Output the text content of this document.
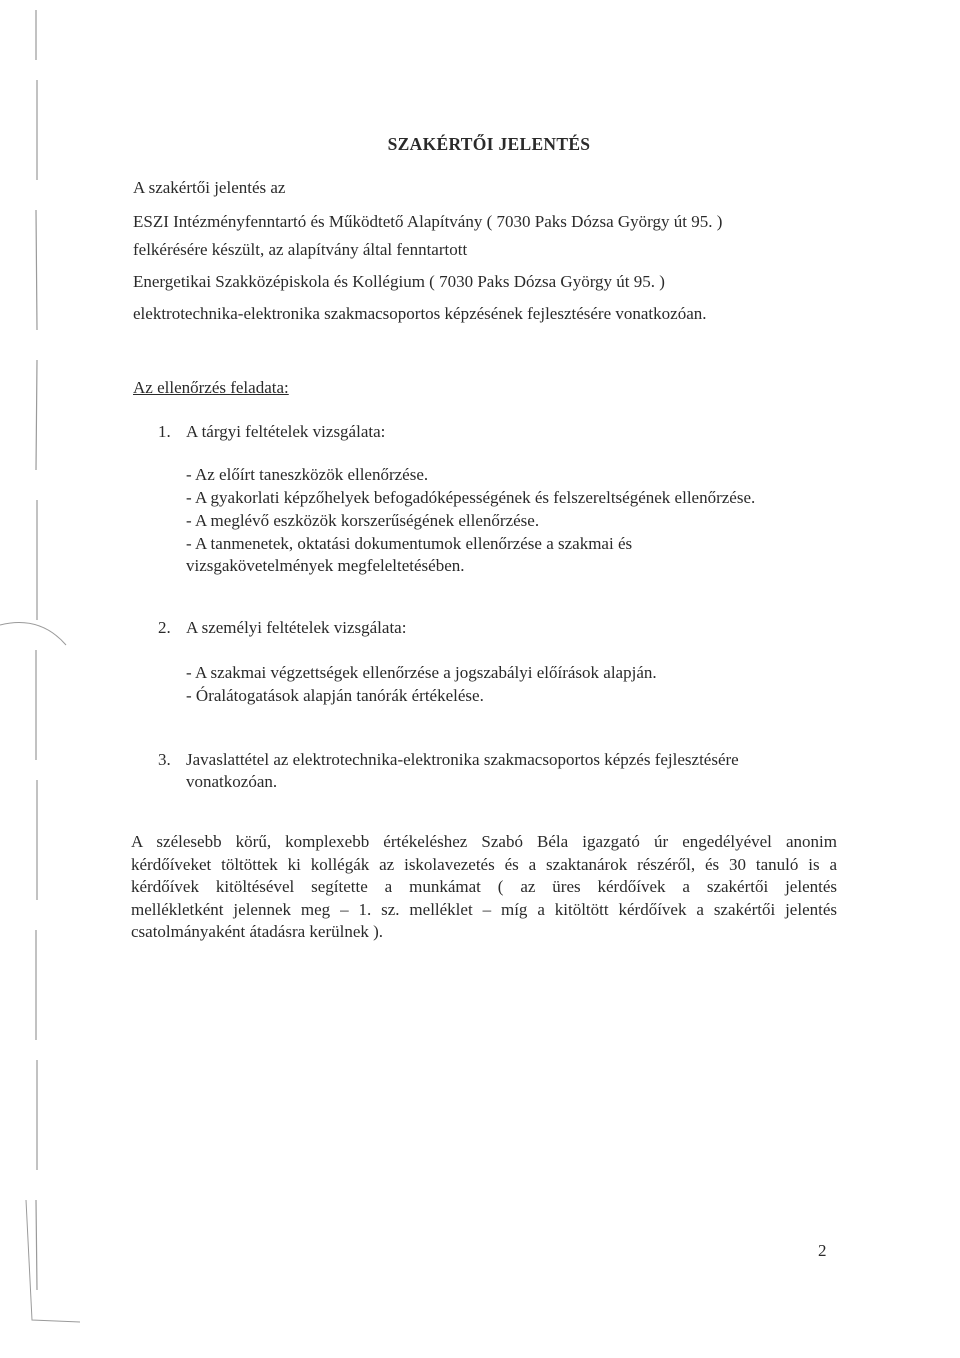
SZAKÉRTŐI JELENTÉS
A szakértői jelentés az
ESZI Intézményfenntartó és Működtető Alapítvány ( 7030 Paks Dózsa György út 95. )
felkérésére készült, az alapítvány által fenntartott
Energetikai Szakközépiskola és Kollégium ( 7030 Paks Dózsa György út 95. )
elektrotechnika-elektronika szakmacsoportos képzésének fejlesztésére vonatkozóan.
Az ellenőrzés feladata:
1. A tárgyi feltételek vizsgálata:
- Az előírt taneszközök ellenőrzése.
- A gyakorlati képzőhelyek befogadóképességének és felszereltségének ellenőrzése.
- A meglévő eszközök korszerűségének ellenőrzése.
- A tanmenetek, oktatási dokumentumok ellenőrzése a szakmai és
vizsgakövetelmények megfeleltetésében.
2. A személyi feltételek vizsgálata:
- A szakmai végzettségek ellenőrzése a jogszabályi előírások alapján.
- Óralátogatások alapján tanórák értékelése.
3. Javaslattétel az elektrotechnika-elektronika szakmacsoportos képzés fejlesztésére
vonatkozóan.
A szélesebb körű, komplexebb értékeléshez Szabó Béla igazgató úr engedélyével anonim
kérdőíveket töltöttek ki kollégák az iskolavezetés és a szaktanárok részéről, és 30 tanuló is a
kérdőívek kitöltésével segítette a munkámat ( az üres kérdőívek a szakértői jelentés
mellékletként jelennek meg – 1. sz. melléklet – míg a kitöltött kérdőívek a szakértői jelentés
csatolmányaként átadásra kerülnek ).
2
